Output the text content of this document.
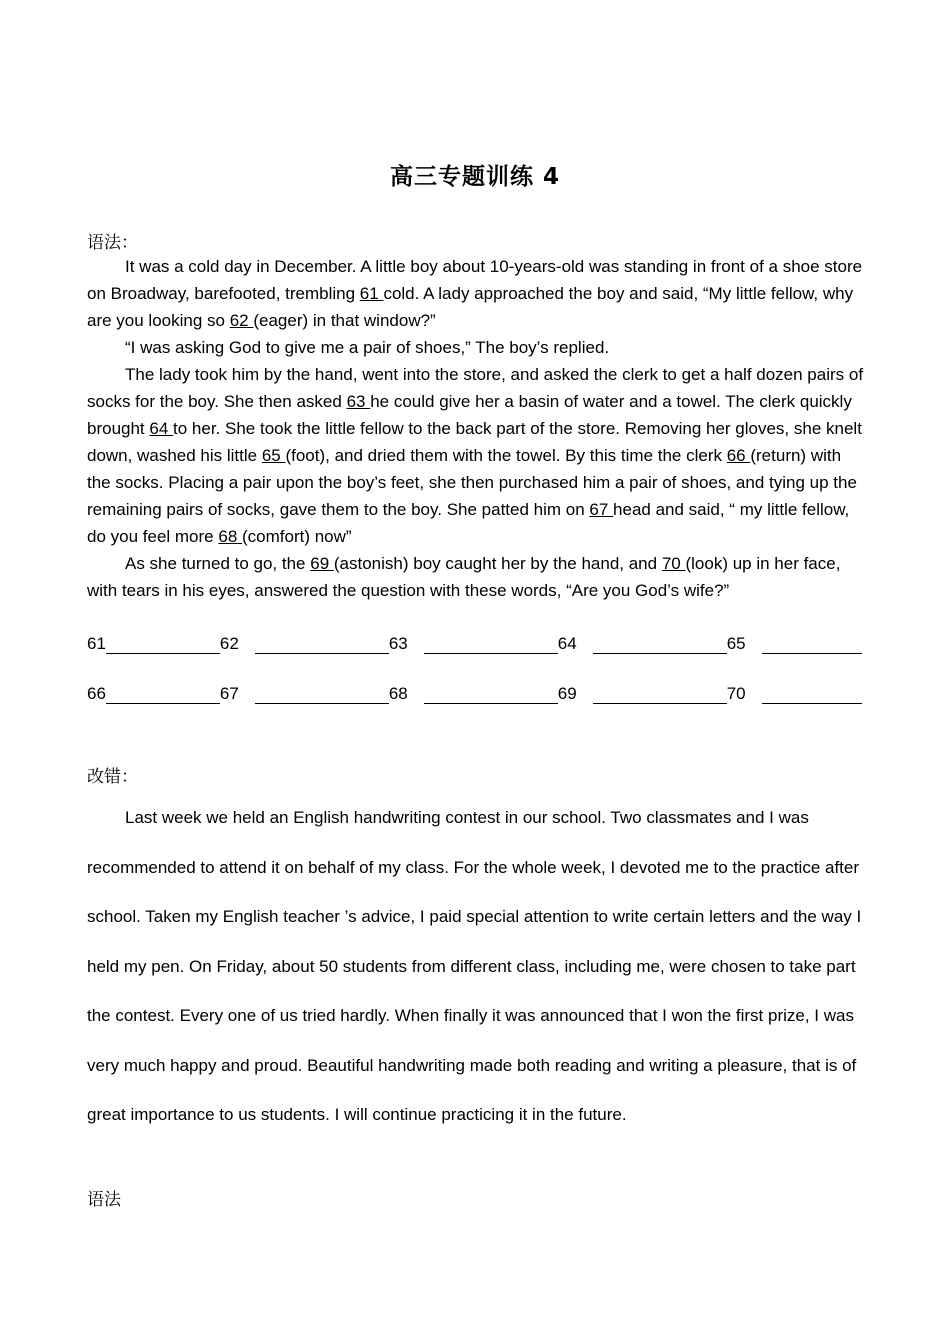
高三专题训练 4
语法：

It was a cold day in December. A little boy about 10-years-old was standing in front of a shoe store on Broadway, barefooted, trembling 61 cold. A lady approached the boy and said, “My little fellow, why are you looking so 62 (eager) in that window?”

“I was asking God to give me a pair of shoes,” The boy’s replied.

The lady took him by the hand, went into the store, and asked the clerk to get a half dozen pairs of socks for the boy. She then asked 63 he could give her a basin of water and a towel. The clerk quickly brought 64 to her. She took the little fellow to the back part of the store. Removing her gloves, she knelt down, washed his little 65 (foot), and dried them with the towel. By this time the clerk 66 (return) with the socks. Placing a pair upon the boy’s feet, she then purchased him a pair of shoes, and tying up the remaining pairs of socks, gave them to the boy. She patted him on 67 head and said, “ my little fellow, do you feel more 68 (comfort) now”

As she turned to go, the 69 (astonish) boy caught her by the hand, and 70 (look) up in her face, with tears in his eyes, answered the question with these words, “Are you God’s wife?”

61	62	63	64	65
66	67	68	69	70
改错：

Last week we held an English handwriting contest in our school. Two classmates and I was recommended to attend it on behalf of my class. For the whole week, I devoted me to the practice after school. Taken my English teacher ’s advice, I paid special attention to write certain letters and the way I held my pen. On Friday, about 50 students from different class, including me, were chosen to take part the contest. Every one of us tried hardly. When finally it was announced that I won the first prize, I was very much happy and proud. Beautiful handwriting made both reading and writing a pleasure, that is of great importance to us students. I will continue practicing it in the future.

语法
